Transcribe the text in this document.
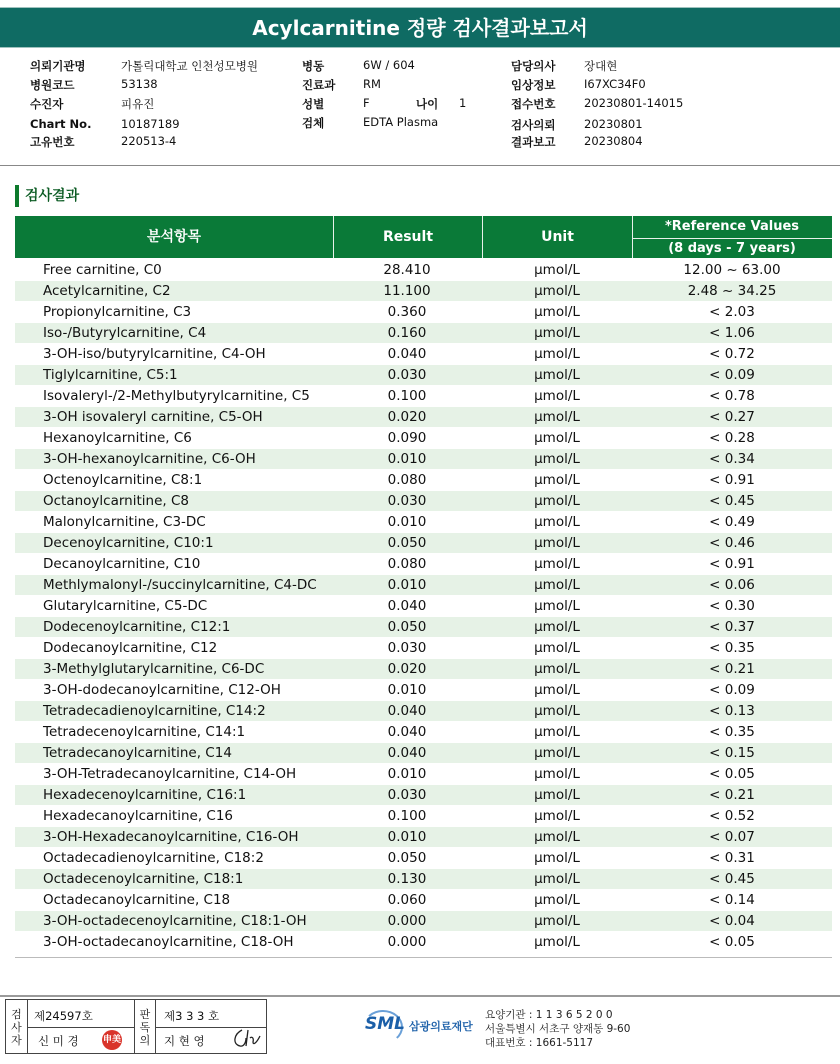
Acylcarnitine 정량 검사결과보고서
의뢰기관명	가톨릭대학교 인천성모병원
병원코드	53138
수진자	피유진
Chart No.	10187189
고유번호	220513-4
병동	6W / 604
진료과 RM
성별	F	나이 1
검체	EDTA Plasma
담당의사 장대현
임상정보 I67XC34F0
접수번호 20230801-14015
검사의뢰 20230801
결과보고 20230804
검사결과
분석항목	Result	Unit
*Reference Values
(8 days - 7 years)
Free carnitine, C0	28.410	μmol/L	12.00 ~ 63.00
Acetylcarnitine, C2	11.100	μmol/L	2.48 ~ 34.25
Propionylcarnitine, C3	0.360	μmol/L	< 2.03
Iso-/Butyrylcarnitine, C4	0.160	μmol/L	< 1.06
3-OH-iso/butyrylcarnitine, C4-OH	0.040	μmol/L	< 0.72
Tiglylcarnitine, C5:1	0.030	μmol/L	< 0.09
Isovaleryl-/2-Methylbutyrylcarnitine, C5	0.100	μmol/L	< 0.78
3-OH isovaleryl carnitine, C5-OH	0.020	μmol/L	< 0.27
Hexanoylcarnitine, C6	0.090	μmol/L	< 0.28
3-OH-hexanoylcarnitine, C6-OH	0.010	μmol/L	< 0.34
Octenoylcarnitine, C8:1	0.080	μmol/L	< 0.91
Octanoylcarnitine, C8	0.030	μmol/L	< 0.45
Malonylcarnitine, C3-DC	0.010	μmol/L	< 0.49
Decenoylcarnitine, C10:1	0.050	μmol/L	< 0.46
Decanoylcarnitine, C10	0.080	μmol/L	< 0.91
Methlymalonyl-/succinylcarnitine, C4-DC	0.010	μmol/L	< 0.06
Glutarylcarnitine, C5-DC	0.040	μmol/L	< 0.30
Dodecenoylcarnitine, C12:1	0.050	μmol/L	< 0.37
Dodecanoylcarnitine, C12	0.030	μmol/L	< 0.35
3-Methylglutarylcarnitine, C6-DC	0.020	μmol/L	< 0.21
3-OH-dodecanoylcarnitine, C12-OH	0.010	μmol/L	< 0.09
Tetradecadienoylcarnitine, C14:2	0.040	μmol/L	< 0.13
Tetradecenoylcarnitine, C14:1	0.040	μmol/L	< 0.35
Tetradecanoylcarnitine, C14	0.040	μmol/L	< 0.15
3-OH-Tetradecanoylcarnitine, C14-OH	0.010	μmol/L	< 0.05
Hexadecenoylcarnitine, C16:1	0.030	μmol/L	< 0.21
Hexadecanoylcarnitine, C16	0.100	μmol/L	< 0.52
3-OH-Hexadecanoylcarnitine, C16-OH	0.010	μmol/L	< 0.07
Octadecadienoylcarnitine, C18:2	0.050	μmol/L	< 0.31
Octadecenoylcarnitine, C18:1	0.130	μmol/L	< 0.45
Octadecanoylcarnitine, C18	0.060	μmol/L	< 0.14
3-OH-octadecenoylcarnitine, C18:1-OH	0.000	μmol/L	< 0.04
3-OH-octadecanoylcarnitine, C18-OH	0.000	μmol/L	< 0.05
검사자
제24597호
신 미 경	申美
판독의
제3 3 3 호
지 현 영
SML 삼광의료재단
요양기관 : 1 1 3 6 5 2 0 0
서울특별시 서초구 양재동 9-60
대표번호 : 1661-5117
